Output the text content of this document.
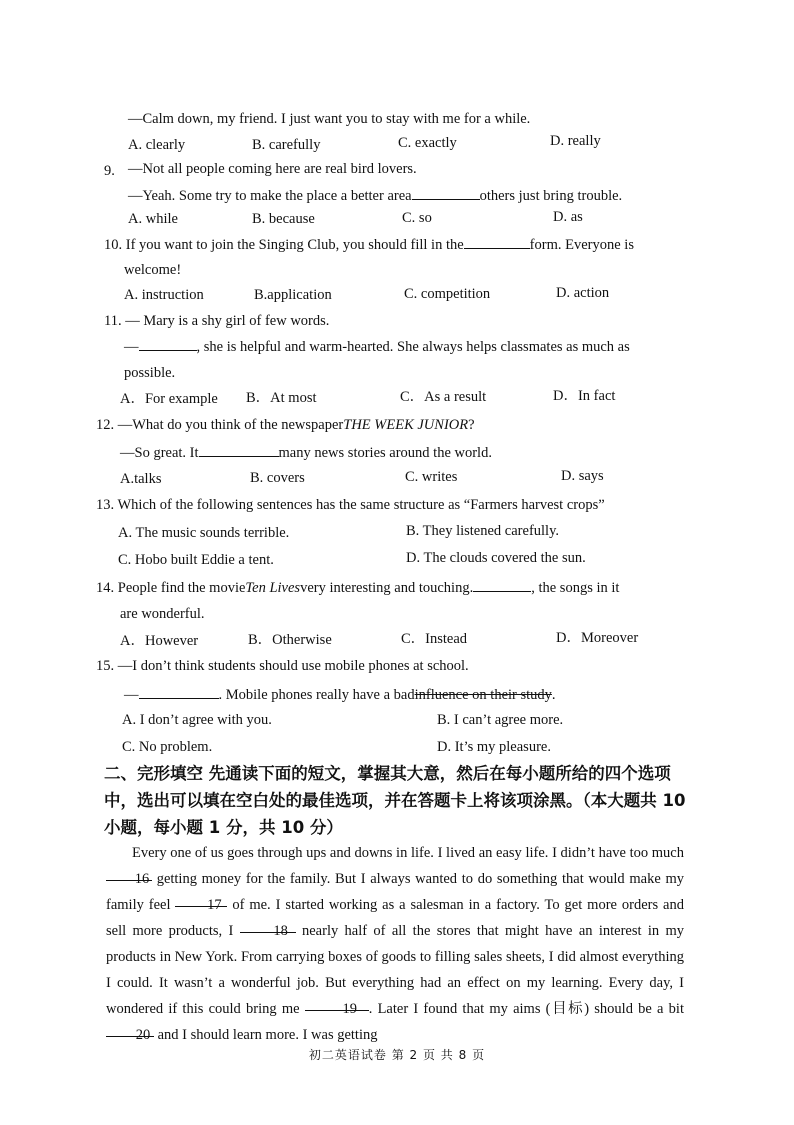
—Calm down, my friend. I just want you to stay with me for a while.
A. clearly	B. carefully	C. exactly	D. really
9. —Not all people coming here are real bird lovers.
—Yeah. Some try to make the place a better area	others just bring trouble.
A. while	B. because	C. so	D. as
10. If you want to join the Singing Club, you should fill in the	form. Everyone is
welcome!
A. instruction	B.application	C. competition	D. action
11. — Mary is a shy girl of few words.
—	, she is helpful and warm-hearted. She always helps classmates as much as
possible.
A．For example B．At most	C．As a result	D．In fact
12. —What do you think of the newspaperTHE WEEK JUNIOR?
—So great. It	many news stories around the world.
A.talks	B. covers	C. writes	D. says
13. Which of the following sentences has the same structure as “Farmers harvest crops”
A. The music sounds terrible.	B. They listened carefully.
C. Hobo built Eddie a tent.	D. The clouds covered the sun.
14. People find the movieTen Livesvery interesting and touching.	, the songs in it
are wonderful.
A．However	B．Otherwise	C．Instead	D．Moreover
15. —I don’t think students should use mobile phones at school.
—	. Mobile phones really have a badinfluence on their study.
A. I don’t agree with you.	B. I can’t agree more.
C. No problem.	D. It’s my pleasure.
二、完形填空 先通读下面的短文，掌握其大意，然后在每小题所给的四个选项中，选出可以填在空白处的最佳选项，并在答题卡上将该项涂黑。（本大题共 10 小题，每小题 1 分，共 10 分）
Every one of us goes through ups and downs in life. I lived an easy life. I didn’t have too much 16 getting money for the family. But I always wanted to do something that would make my family feel 17 of me. I started working as a salesman in a factory. To get more orders and sell more products, I 18 nearly half of all the stores that might have an interest in my products in New York. From carrying boxes of goods to filling sales sheets, I did almost everything I could. It wasn’t a wonderful job. But everything had an effect on my learning. Every day, I wondered if this could bring me	19 . Later I found that my aims (目标) should be a bit 20 and I should learn more. I was getting
初二英语试卷 第 2 页 共 8 页
